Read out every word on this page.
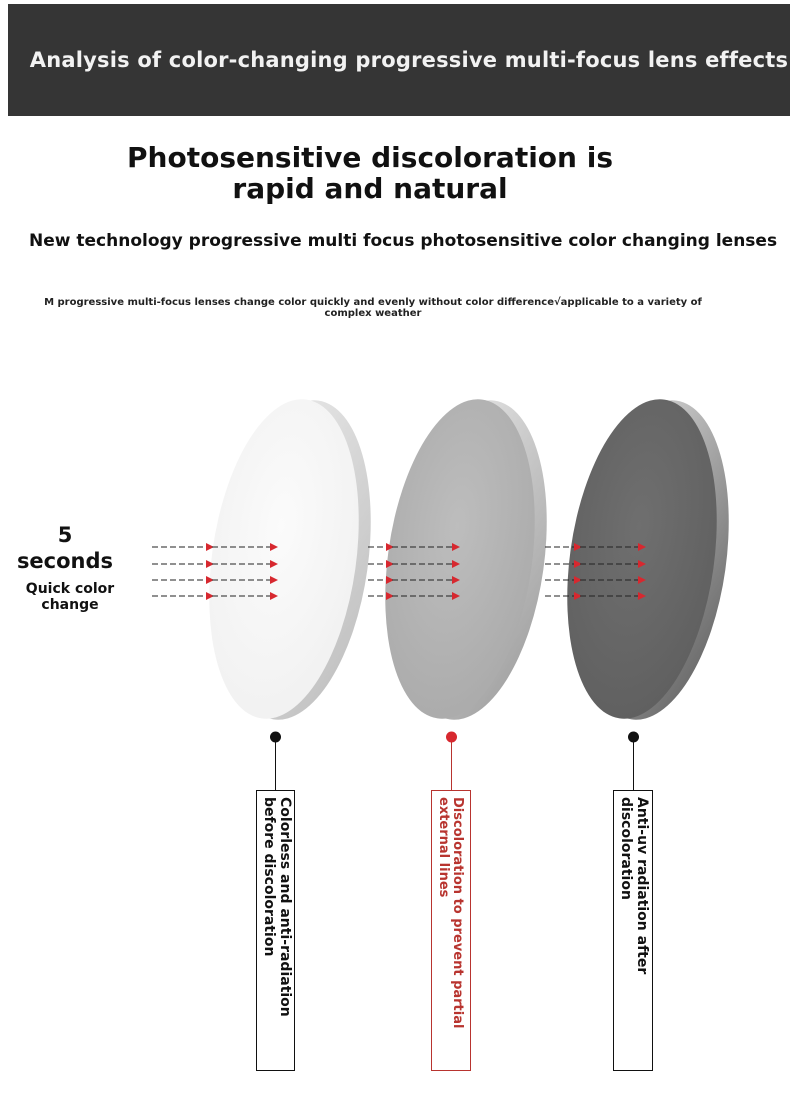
Analysis of color-changing progressive multi-focus lens effects
Photosensitive discoloration is
rapid and natural
New technology progressive multi focus photosensitive color changing lenses
M progressive multi-focus lenses change color quickly and evenly without color difference√applicable to a variety of complex weather
5
seconds
Quick color change
Colorless and anti-radiation before discoloration	Discoloration to prevent partial external lines	Anti-uv radiation after discoloration
